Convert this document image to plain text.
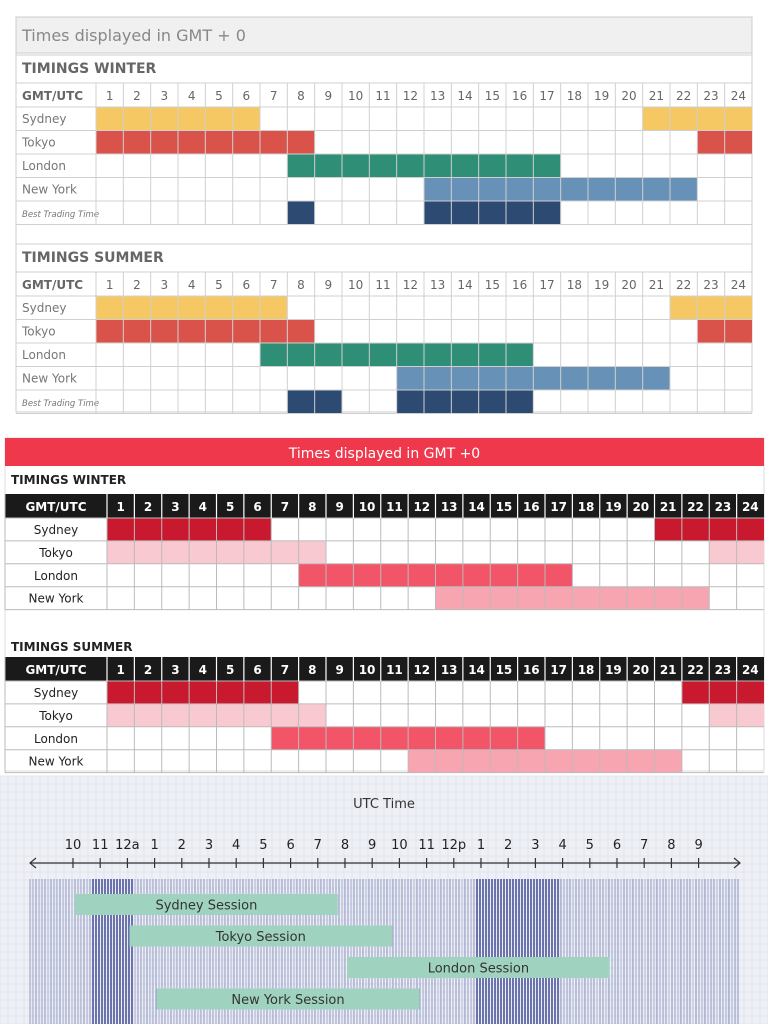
Times displayed in GMT + 0
TIMINGS WINTER
GMT/UTC 1 2 3 4 5 6 7 8 9 10 11 12 13 14 15 16 17 18 19 20 21 22 23 24
Sydney
Tokyo
London
New York
Best Trading Time
TIMINGS SUMMER
GMT/UTC 1 2 3 4 5 6 7 8 9 10 11 12 13 14 15 16 17 18 19 20 21 22 23 24
Sydney
Tokyo
London
New York
Best Trading Time
Times displayed in GMT +0
TIMINGS WINTER
GMT/UTC 1 2 3 4 5 6 7 8 9 10 11 12 13 14 15 16 17 18 19 20 21 22 23 24
Sydney
Tokyo
London
New York
TIMINGS SUMMER
GMT/UTC 1 2 3 4 5 6 7 8 9 10 11 12 13 14 15 16 17 18 19 20 21 22 23 24
Sydney
Tokyo
London
New York
UTC Time
10 11 12a 1 2 3 4 5 6 7 8 9 10 11 12p 1 2 3 4 5 6 7 8 9
Sydney Session
Tokyo Session
London Session
New York Session
